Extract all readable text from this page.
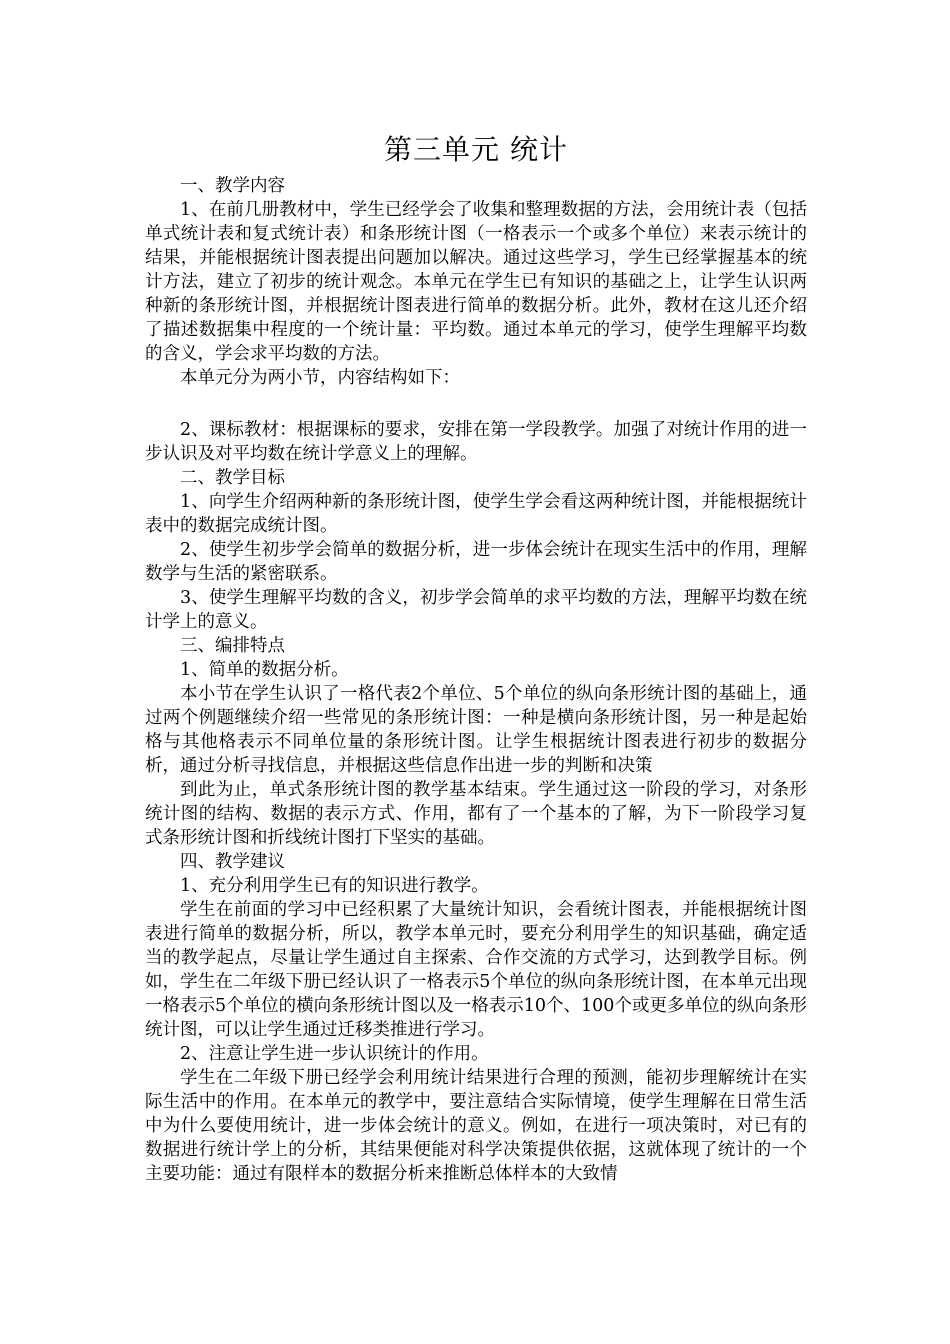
第三单元 统计

一、教学内容

1、在前几册教材中，学生已经学会了收集和整理数据的方法，会用统计表（包括单式统计表和复式统计表）和条形统计图（一格表示一个或多个单位）来表示统计的结果，并能根据统计图表提出问题加以解决。通过这些学习，学生已经掌握基本的统计方法，建立了初步的统计观念。本单元在学生已有知识的基础之上，让学生认识两种新的条形统计图，并根据统计图表进行简单的数据分析。此外，教材在这儿还介绍了描述数据集中程度的一个统计量：平均数。通过本单元的学习，使学生理解平均数的含义，学会求平均数的方法。

本单元分为两小节，内容结构如下：

2、课标教材：根据课标的要求，安排在第一学段教学。加强了对统计作用的进一步认识及对平均数在统计学意义上的理解。

二、教学目标

1、向学生介绍两种新的条形统计图，使学生学会看这两种统计图，并能根据统计表中的数据完成统计图。

2、使学生初步学会简单的数据分析，进一步体会统计在现实生活中的作用，理解数学与生活的紧密联系。

3、使学生理解平均数的含义，初步学会简单的求平均数的方法，理解平均数在统计学上的意义。

三、编排特点

1、简单的数据分析。

本小节在学生认识了一格代表2个单位、5个单位的纵向条形统计图的基础上，通过两个例题继续介绍一些常见的条形统计图：一种是横向条形统计图，另一种是起始格与其他格表示不同单位量的条形统计图。让学生根据统计图表进行初步的数据分析，通过分析寻找信息，并根据这些信息作出进一步的判断和决策

到此为止，单式条形统计图的教学基本结束。学生通过这一阶段的学习，对条形统计图的结构、数据的表示方式、作用，都有了一个基本的了解，为下一阶段学习复式条形统计图和折线统计图打下坚实的基础。

四、教学建议

1、充分利用学生已有的知识进行教学。

学生在前面的学习中已经积累了大量统计知识，会看统计图表，并能根据统计图表进行简单的数据分析，所以，教学本单元时，要充分利用学生的知识基础，确定适当的教学起点，尽量让学生通过自主探索、合作交流的方式学习，达到教学目标。例如，学生在二年级下册已经认识了一格表示5个单位的纵向条形统计图，在本单元出现一格表示5个单位的横向条形统计图以及一格表示10个、100个或更多单位的纵向条形统计图，可以让学生通过迁移类推进行学习。

2、注意让学生进一步认识统计的作用。

学生在二年级下册已经学会利用统计结果进行合理的预测，能初步理解统计在实际生活中的作用。在本单元的教学中，要注意结合实际情境，使学生理解在日常生活中为什么要使用统计，进一步体会统计的意义。例如，在进行一项决策时，对已有的数据进行统计学上的分析，其结果便能对科学决策提供依据，这就体现了统计的一个主要功能：通过有限样本的数据分析来推断总体样本的大致情
